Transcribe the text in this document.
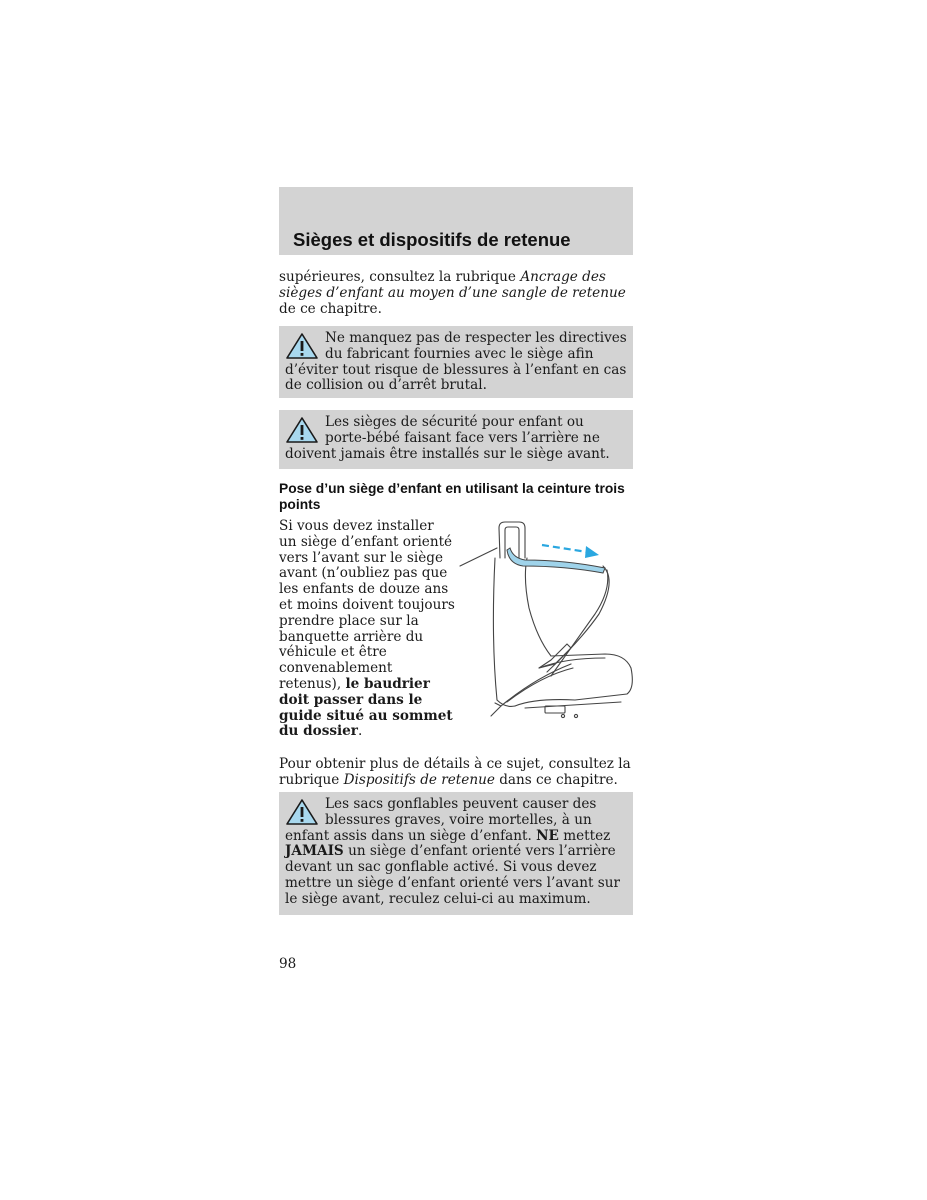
Sièges et dispositifs de retenue
supérieures, consultez la rubrique Ancrage des sièges d’enfant au moyen d’une sangle de retenue de ce chapitre.
Ne manquez pas de respecter les directives du fabricant fournies avec le siège afin d’éviter tout risque de blessures à l’enfant en cas de collision ou d’arrêt brutal.
Les sièges de sécurité pour enfant ou porte-bébé faisant face vers l’arrière ne doivent jamais être installés sur le siège avant.
Pose d’un siège d’enfant en utilisant la ceinture trois points
Si vous devez installer un siège d’enfant orienté vers l’avant sur le siège avant (n’oubliez pas que les enfants de douze ans et moins doivent toujours prendre place sur la banquette arrière du véhicule et être convenablement retenus), le baudrier doit passer dans le guide situé au sommet du dossier.
Pour obtenir plus de détails à ce sujet, consultez la rubrique Dispositifs de retenue dans ce chapitre.
Les sacs gonflables peuvent causer des blessures graves, voire mortelles, à un enfant assis dans un siège d’enfant. NE mettez JAMAIS un siège d’enfant orienté vers l’arrière devant un sac gonflable activé. Si vous devez mettre un siège d’enfant orienté vers l’avant sur le siège avant, reculez celui-ci au maximum.
98
